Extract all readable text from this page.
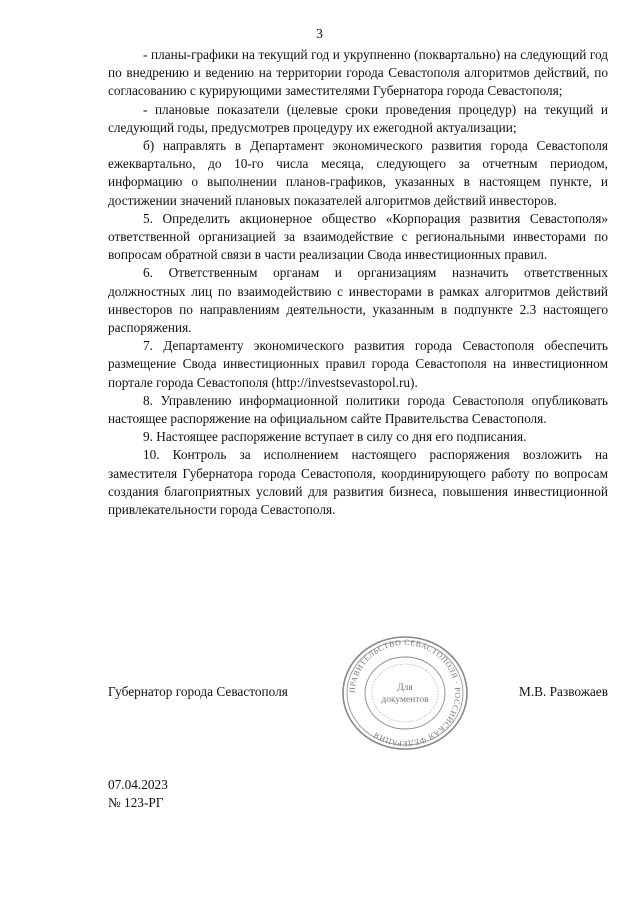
3

- планы-графики на текущий год и укрупненно (поквартально) на следующий год по внедрению и ведению на территории города Севастополя алгоритмов действий, по согласованию с курирующими заместителями Губернатора города Севастополя;

- плановые показатели (целевые сроки проведения процедур) на текущий и следующий годы, предусмотрев процедуру их ежегодной актуализации;

б) направлять в Департамент экономического развития города Севастополя ежеквартально, до 10-го числа месяца, следующего за отчетным периодом, информацию о выполнении планов-графиков, указанных в настоящем пункте, и достижении значений плановых показателей алгоритмов действий инвесторов.

5. Определить акционерное общество «Корпорация развития Севастополя» ответственной организацией за взаимодействие с региональными инвесторами по вопросам обратной связи в части реализации Свода инвестиционных правил.

6. Ответственным органам и организациям назначить ответственных должностных лиц по взаимодействию с инвесторами в рамках алгоритмов действий инвесторов по направлениям деятельности, указанным в подпункте 2.3 настоящего распоряжения.

7. Департаменту экономического развития города Севастополя обеспечить размещение Свода инвестиционных правил города Севастополя на инвестиционном портале города Севастополя (http://investsevastopol.ru).

8. Управлению информационной политики города Севастополя опубликовать настоящее распоряжение на официальном сайте Правительства Севастополя.

9. Настоящее распоряжение вступает в силу со дня его подписания.

10. Контроль за исполнением настоящего распоряжения возложить на заместителя Губернатора города Севастополя, координирующего работу по вопросам создания благоприятных условий для развития бизнеса, повышения инвестиционной привлекательности города Севастополя.

Губернатор города Севастополя	М.В. Развожаев
ПРАВИТЕЛЬСТВО СЕВАСТОПОЛЯ · РОССИЙСКАЯ ФЕДЕРАЦИЯ
Для
документов
07.04.2023
№ 123-РГ
